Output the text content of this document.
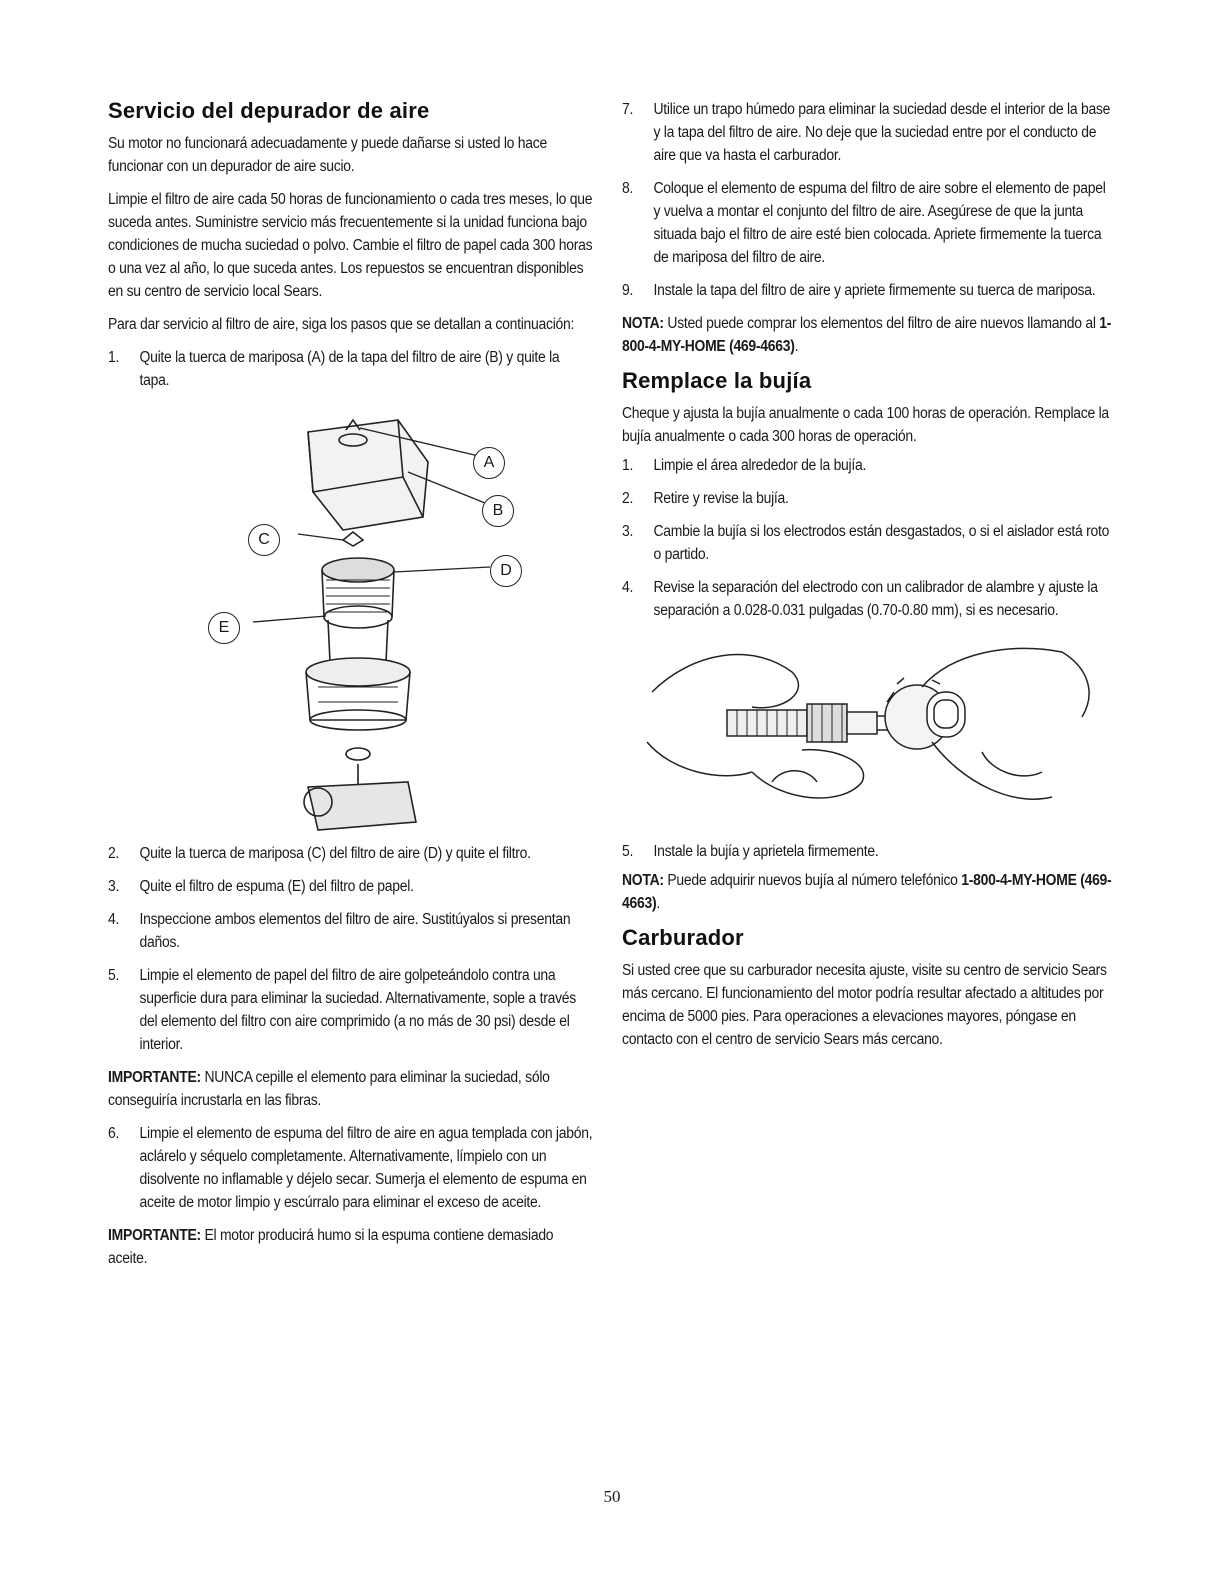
Servicio del depurador de aire

Su motor no funcionará adecuadamente y puede dañarse si usted lo hace funcionar con un depurador de aire sucio.

Limpie el filtro de aire cada 50 horas de funcionamiento o cada tres meses, lo que suceda antes. Suministre servicio más frecuentemente si la unidad funciona bajo condiciones de mucha suciedad o polvo. Cambie el filtro de papel cada 300 horas o una vez al año, lo que suceda antes. Los repuestos se encuentran disponibles en su centro de servicio local Sears.

Para dar servicio al filtro de aire, siga los pasos que se detallan a continuación:

1.	Quite la tuerca de mariposa (A) de la tapa del filtro de aire (B) y quite la tapa.
A
B
C
D
E
2.	Quite la tuerca de mariposa (C) del filtro de aire (D) y quite el filtro.
3.	Quite el filtro de espuma (E) del filtro de papel.
4.	Inspeccione ambos elementos del filtro de aire. Sustitúyalos si presentan daños.
5.	Limpie el elemento de papel del filtro de aire golpeteándolo contra una superficie dura para eliminar la suciedad. Alternativamente, sople a través del elemento del filtro con aire comprimido (a no más de 30 psi) desde el interior.

IMPORTANTE: NUNCA cepille el elemento para eliminar la suciedad, sólo conseguiría incrustarla en las fibras.

6.	Limpie el elemento de espuma del filtro de aire en agua templada con jabón, aclárelo y séquelo completamente. Alternativamente, límpielo con un disolvente no inflamable y déjelo secar. Sumerja el elemento de espuma en aceite de motor limpio y escúrralo para eliminar el exceso de aceite.

IMPORTANTE: El motor producirá humo si la espuma contiene demasiado aceite.

7.	Utilice un trapo húmedo para eliminar la suciedad desde el interior de la base y la tapa del filtro de aire. No deje que la suciedad entre por el conducto de aire que va hasta el carburador.
8.	Coloque el elemento de espuma del filtro de aire sobre el elemento de papel y vuelva a montar el conjunto del filtro de aire. Asegúrese de que la junta situada bajo el filtro de aire esté bien colocada. Apriete firmemente la tuerca de mariposa del filtro de aire.
9.	Instale la tapa del filtro de aire y apriete firmemente su tuerca de mariposa.

NOTA: Usted puede comprar los elementos del filtro de aire nuevos llamando al 1-800-4-MY-HOME (469-4663).

Remplace la bujía

Cheque y ajusta la bujía anualmente o cada 100 horas de operación. Remplace la bujía anualmente o cada 300 horas de operación.

1.	Limpie el área alrededor de la bujía.
2.	Retire y revise la bujía.
3.	Cambie la bujía si los electrodos están desgastados, o si el aislador está roto o partido.
4.	Revise la separación del electrodo con un calibrador de alambre y ajuste la separación a 0.028-0.031 pulgadas (0.70-0.80 mm), si es necesario.
5.	Instale la bujía y aprietela firmemente.

NOTA: Puede adquirir nuevos bujía al número telefónico 1-800-4-MY-HOME (469-4663).

Carburador

Si usted cree que su carburador necesita ajuste, visite su centro de servicio Sears más cercano. El funcionamiento del motor podría resultar afectado a altitudes por encima de 5000 pies. Para operaciones a elevaciones mayores, póngase en contacto con el centro de servicio Sears más cercano.

50
